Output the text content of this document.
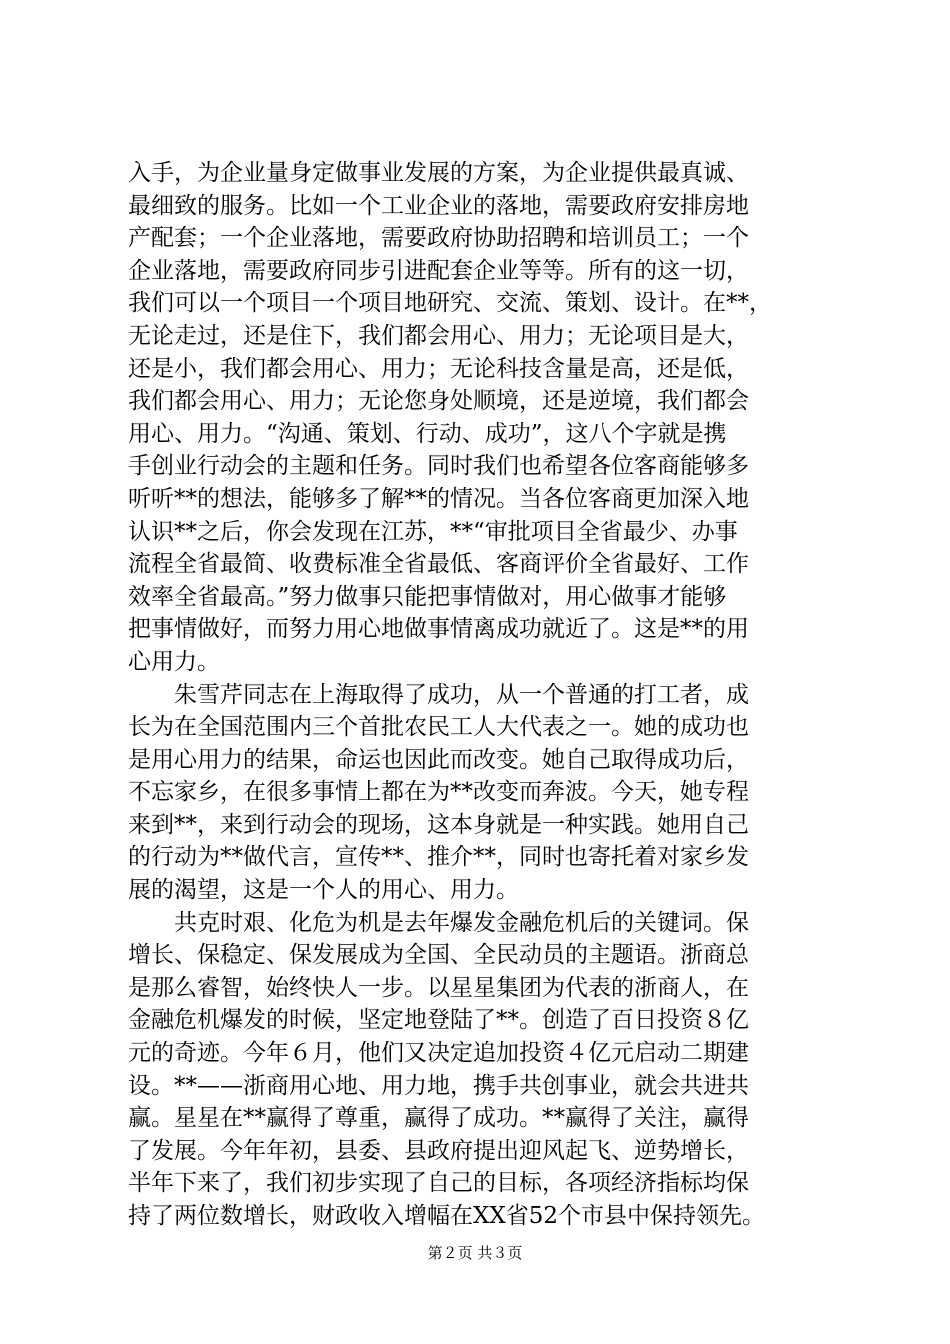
入手，为企业量身定做事业发展的方案，为企业提供最真诚、
最细致的服务。比如一个工业企业的落地，需要政府安排房地
产配套；一个企业落地，需要政府协助招聘和培训员工；一个
企业落地，需要政府同步引进配套企业等等。所有的这一切，
我们可以一个项目一个项目地研究、交流、策划、设计。在**，
无论走过，还是住下，我们都会用心、用力；无论项目是大，
还是小，我们都会用心、用力；无论科技含量是高，还是低，
我们都会用心、用力；无论您身处顺境，还是逆境，我们都会
用心、用力。“沟通、策划、行动、成功”，这八个字就是携
手创业行动会的主题和任务。同时我们也希望各位客商能够多
听听**的想法，能够多了解**的情况。当各位客商更加深入地
认识**之后，你会发现在江苏，**“审批项目全省最少、办事
流程全省最简、收费标准全省最低、客商评价全省最好、工作
效率全省最高。”努力做事只能把事情做对，用心做事才能够
把事情做好，而努力用心地做事情离成功就近了。这是**的用
心用力。
朱雪芹同志在上海取得了成功，从一个普通的打工者，成
长为在全国范围内三个首批农民工人大代表之一。她的成功也
是用心用力的结果，命运也因此而改变。她自己取得成功后，
不忘家乡，在很多事情上都在为**改变而奔波。今天，她专程
来到**，来到行动会的现场，这本身就是一种实践。她用自己
的行动为**做代言，宣传**、推介**，同时也寄托着对家乡发
展的渴望，这是一个人的用心、用力。
共克时艰、化危为机是去年爆发金融危机后的关键词。保
增长、保稳定、保发展成为全国、全民动员的主题语。浙商总
是那么睿智，始终快人一步。以星星集团为代表的浙商人，在
金融危机爆发的时候，坚定地登陆了**。创造了百日投资８亿
元的奇迹。今年６月，他们又决定追加投资４亿元启动二期建
设。**——浙商用心地、用力地，携手共创事业，就会共进共
赢。星星在**赢得了尊重，赢得了成功。**赢得了关注，赢得
了发展。今年年初，县委、县政府提出迎风起飞、逆势增长，
半年下来了，我们初步实现了自己的目标，各项经济指标均保
持了两位数增长，财政收入增幅在XX省52个市县中保持领先。
第２页 共３页
